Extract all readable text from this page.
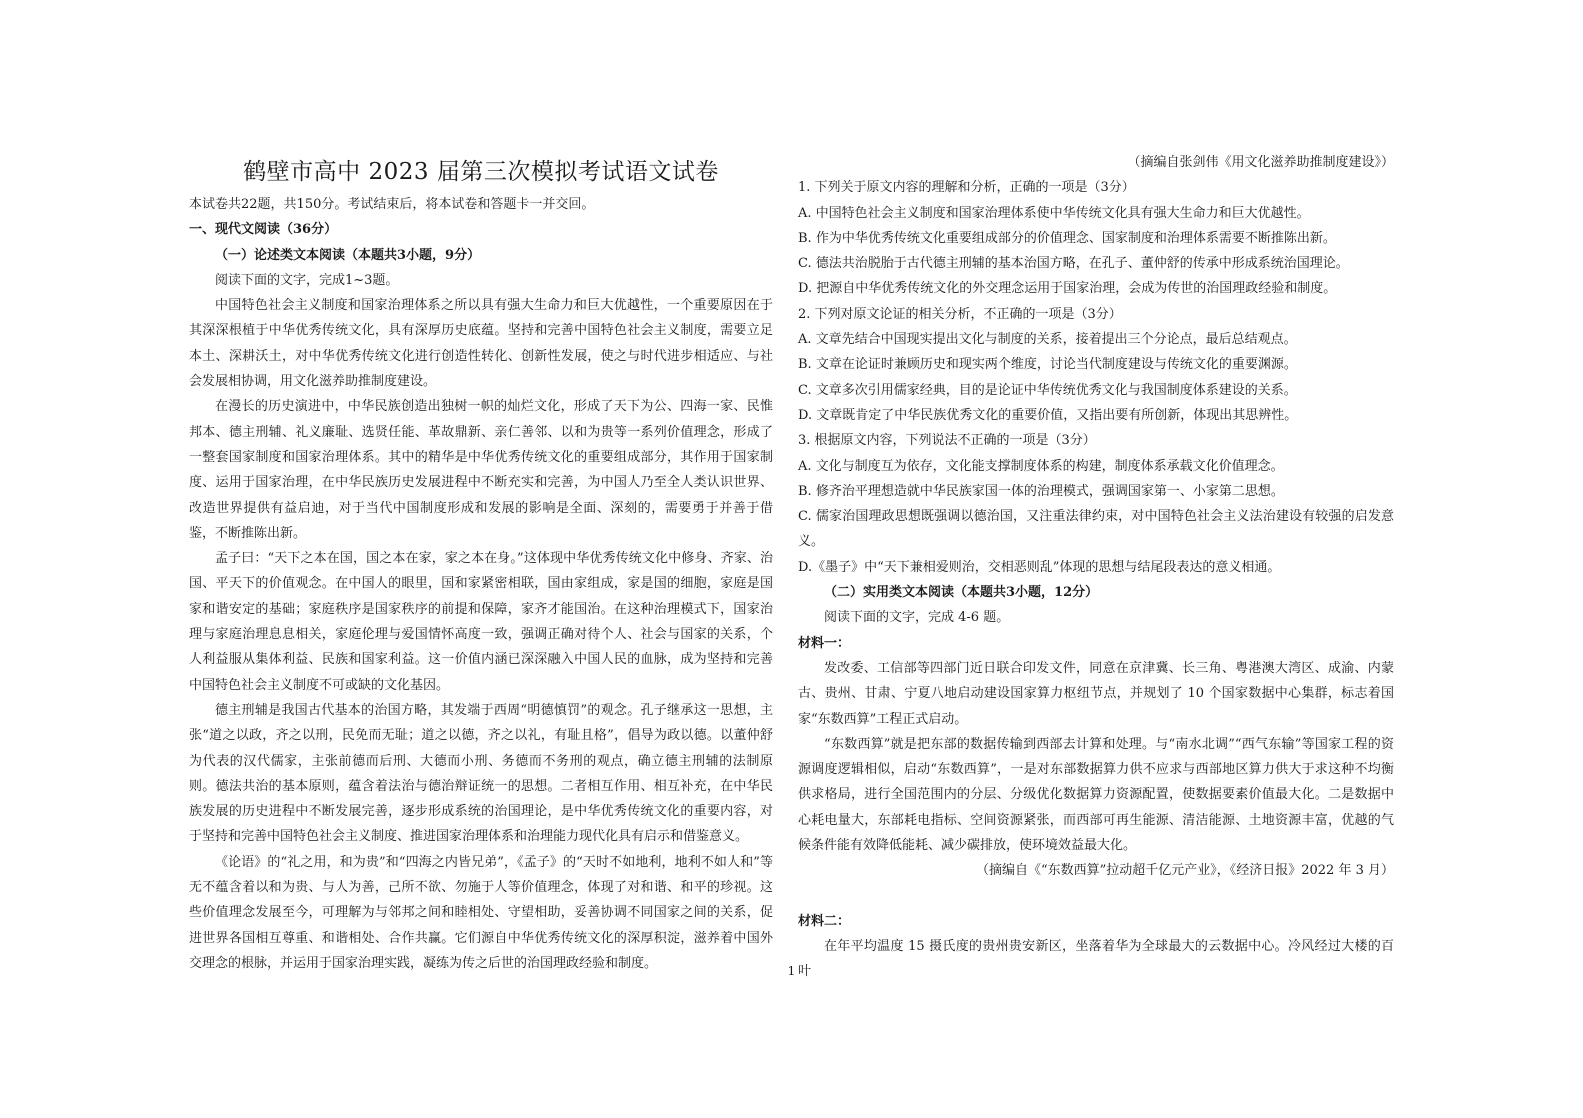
鹤壁市高中 2023 届第三次模拟考试语文试卷

本试卷共22题，共150分。考试结束后，将本试卷和答题卡一并交回。

一、现代文阅读（36分）

（一）论述类文本阅读（本题共3小题，9分）

阅读下面的文字，完成1~3题。

中国特色社会主义制度和国家治理体系之所以具有强大生命力和巨大优越性，一个重要原因在于其深深根植于中华优秀传统文化，具有深厚历史底蕴。坚持和完善中国特色社会主义制度，需要立足本土、深耕沃土，对中华优秀传统文化进行创造性转化、创新性发展，使之与时代进步相适应、与社会发展相协调，用文化滋养助推制度建设。

在漫长的历史演进中，中华民族创造出独树一帜的灿烂文化，形成了天下为公、四海一家、民惟邦本、德主刑辅、礼义廉耻、选贤任能、革故鼎新、亲仁善邻、以和为贵等一系列价值理念，形成了一整套国家制度和国家治理体系。其中的精华是中华优秀传统文化的重要组成部分，其作用于国家制度、运用于国家治理，在中华民族历史发展进程中不断充实和完善，为中国人乃至全人类认识世界、改造世界提供有益启迪，对于当代中国制度形成和发展的影响是全面、深刻的，需要勇于并善于借鉴，不断推陈出新。

孟子曰：“天下之本在国，国之本在家，家之本在身。”这体现中华优秀传统文化中修身、齐家、治国、平天下的价值观念。在中国人的眼里，国和家紧密相联，国由家组成，家是国的细胞，家庭是国家和谐安定的基础；家庭秩序是国家秩序的前提和保障，家齐才能国治。在这种治理模式下，国家治理与家庭治理息息相关，家庭伦理与爱国情怀高度一致，强调正确对待个人、社会与国家的关系，个人利益服从集体利益、民族和国家利益。这一价值内涵已深深融入中国人民的血脉，成为坚持和完善中国特色社会主义制度不可或缺的文化基因。

德主刑辅是我国古代基本的治国方略，其发端于西周“明德慎罚”的观念。孔子继承这一思想，主张“道之以政，齐之以刑，民免而无耻；道之以德，齐之以礼，有耻且格”，倡导为政以德。以董仲舒为代表的汉代儒家，主张前德而后刑、大德而小刑、务德而不务刑的观点，确立德主刑辅的法制原则。德法共治的基本原则，蕴含着法治与德治辩证统一的思想。二者相互作用、相互补充，在中华民族发展的历史进程中不断发展完善，逐步形成系统的治国理论，是中华优秀传统文化的重要内容，对于坚持和完善中国特色社会主义制度、推进国家治理体系和治理能力现代化具有启示和借鉴意义。

《论语》的“礼之用，和为贵”和“四海之内皆兄弟”，《孟子》的“天时不如地利，地利不如人和”等无不蕴含着以和为贵、与人为善，己所不欲、勿施于人等价值理念，体现了对和谐、和平的珍视。这些价值理念发展至今，可理解为与邻邦之间和睦相处、守望相助，妥善协调不同国家之间的关系，促进世界各国相互尊重、和谐相处、合作共赢。它们源自中华优秀传统文化的深厚积淀，滋养着中国外交理念的根脉，并运用于国家治理实践，凝练为传之后世的治国理政经验和制度。

（摘编自张剑伟《用文化滋养助推制度建设》）

1. 下列关于原文内容的理解和分析，正确的一项是（3分）

A. 中国特色社会主义制度和国家治理体系使中华传统文化具有强大生命力和巨大优越性。

B. 作为中华优秀传统文化重要组成部分的价值理念、国家制度和治理体系需要不断推陈出新。

C. 德法共治脱胎于古代德主刑辅的基本治国方略，在孔子、董仲舒的传承中形成系统治国理论。

D. 把源自中华优秀传统文化的外交理念运用于国家治理，会成为传世的治国理政经验和制度。

2. 下列对原文论证的相关分析，不正确的一项是（3分）

A. 文章先结合中国现实提出文化与制度的关系，接着提出三个分论点，最后总结观点。

B. 文章在论证时兼顾历史和现实两个维度，讨论当代制度建设与传统文化的重要渊源。

C. 文章多次引用儒家经典，目的是论证中华传统优秀文化与我国制度体系建设的关系。

D. 文章既肯定了中华民族优秀文化的重要价值，又指出要有所创新，体现出其思辨性。

3. 根据原文内容，下列说法不正确的一项是（3分）

A. 文化与制度互为依存，文化能支撑制度体系的构建，制度体系承载文化价值理念。

B. 修齐治平理想造就中华民族家国一体的治理模式，强调国家第一、小家第二思想。

C. 儒家治国理政思想既强调以德治国，又注重法律约束，对中国特色社会主义法治建设有较强的启发意义。

D.《墨子》中“天下兼相爱则治，交相恶则乱”体现的思想与结尾段表达的意义相通。

（二）实用类文本阅读（本题共3小题，12分）

阅读下面的文字，完成 4-6 题。

材料一：

发改委、工信部等四部门近日联合印发文件，同意在京津冀、长三角、粤港澳大湾区、成渝、内蒙古、贵州、甘肃、宁夏八地启动建设国家算力枢纽节点，并规划了 10 个国家数据中心集群，标志着国家“东数西算”工程正式启动。

“东数西算”就是把东部的数据传输到西部去计算和处理。与“南水北调”“西气东输”等国家工程的资源调度逻辑相似，启动“东数西算”，一是对东部数据算力供不应求与西部地区算力供大于求这种不均衡供求格局，进行全国范围内的分层、分级优化数据算力资源配置，使数据要素价值最大化。二是数据中心耗电量大，东部耗电指标、空间资源紧张，而西部可再生能源、清洁能源、土地资源丰富，优越的气候条件能有效降低能耗、减少碳排放，使环境效益最大化。

（摘编自《“东数西算”拉动超千亿元产业》，《经济日报》2022 年 3 月）

材料二：

在年平均温度 15 摄氏度的贵州贵安新区，坐落着华为全球最大的云数据中心。冷风经过大楼的百叶

1
